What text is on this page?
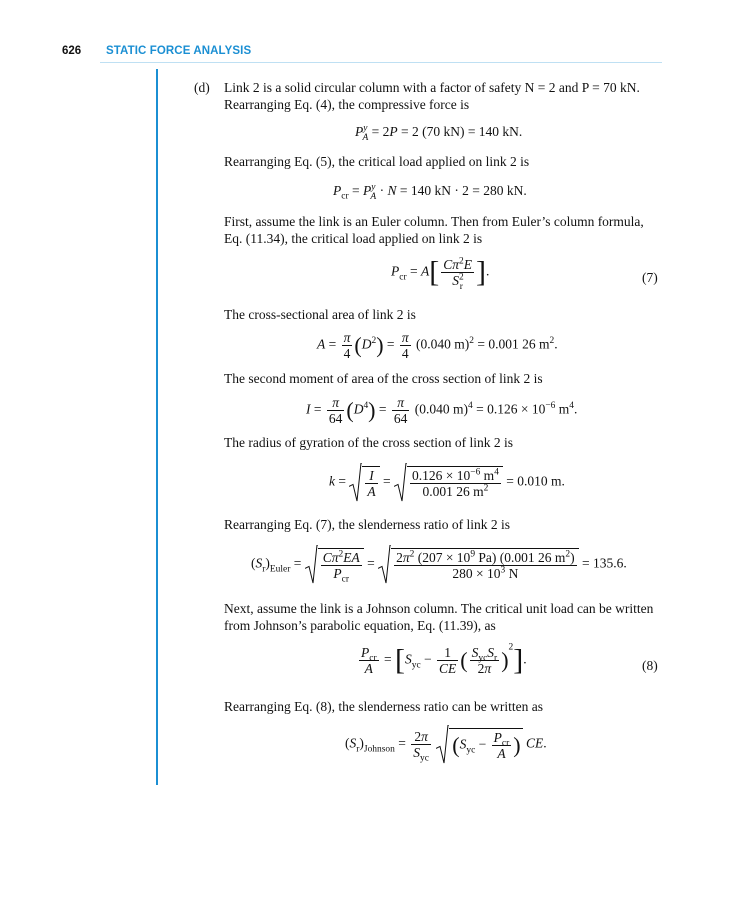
626 STATIC FORCE ANALYSIS
(d) Link 2 is a solid circular column with a factor of safety N = 2 and P = 70 kN.
Rearranging Eq. (4), the compressive force is
$P^y_A = 2P = 2$ (70 kN) = 140 kN.
Rearranging Eq. (5), the critical load applied on link 2 is
$P_{cr} = P^y_A \cdot N = 140$ kN · 2 = 280 kN.
First, assume the link is an Euler column. Then from Euler’s column formula,
Eq. (11.34), the critical load applied on link 2 is
$P_{cr} = A[ \frac{C\pi^2E}{S^2_r}$ ].	(7)
The cross-sectional area of link 2 is
$A = \frac{\pi}{4} (D^2) = \frac{\pi}{4} (0.040$ m)$^2$ = 0.001 26 $m^2$.
The second moment of area of the cross section of link 2 is
$I = \frac{\pi}{64} (D^4) = \frac{\pi}{64} (0.040$ $m)^4 = 0.126 \times 10^{-6}$ $m^4$.
The radius of gyration of the cross section of link 2 is
$k = \frac{I}{A} = \frac{0.126 \times 10^{-6} m^4}{0.001 26 m^2} = 0.010$ m.
Rearranging Eq. (7), the slenderness ratio of link 2 is
$(S_r)_{Euler} = \frac{C\pi^2EA}{P_{cr}} = \frac{2\pi^2 (207 \times 10^9 Pa) (0.001 26 m^2)}{280 \times 10^3 N} = 135.6$.
Next, assume the link is a Johnson column. The critical unit load can be written
from Johnson’s parabolic equation, Eq. (11.39), as
$\frac{P_{cr}}{A} = [S_{yc} - \frac{1}{CE}$ ( $\frac{S_{yc}S_r}{2\pi} )^2$].	(8)
Rearranging Eq. (8), the slenderness ratio can be written as
$(S_r)_{Johnson} = \frac{2\pi}{S_{yc}}$
($S_{yc} - \frac{P_{cr}}{A}$ ) CE.
